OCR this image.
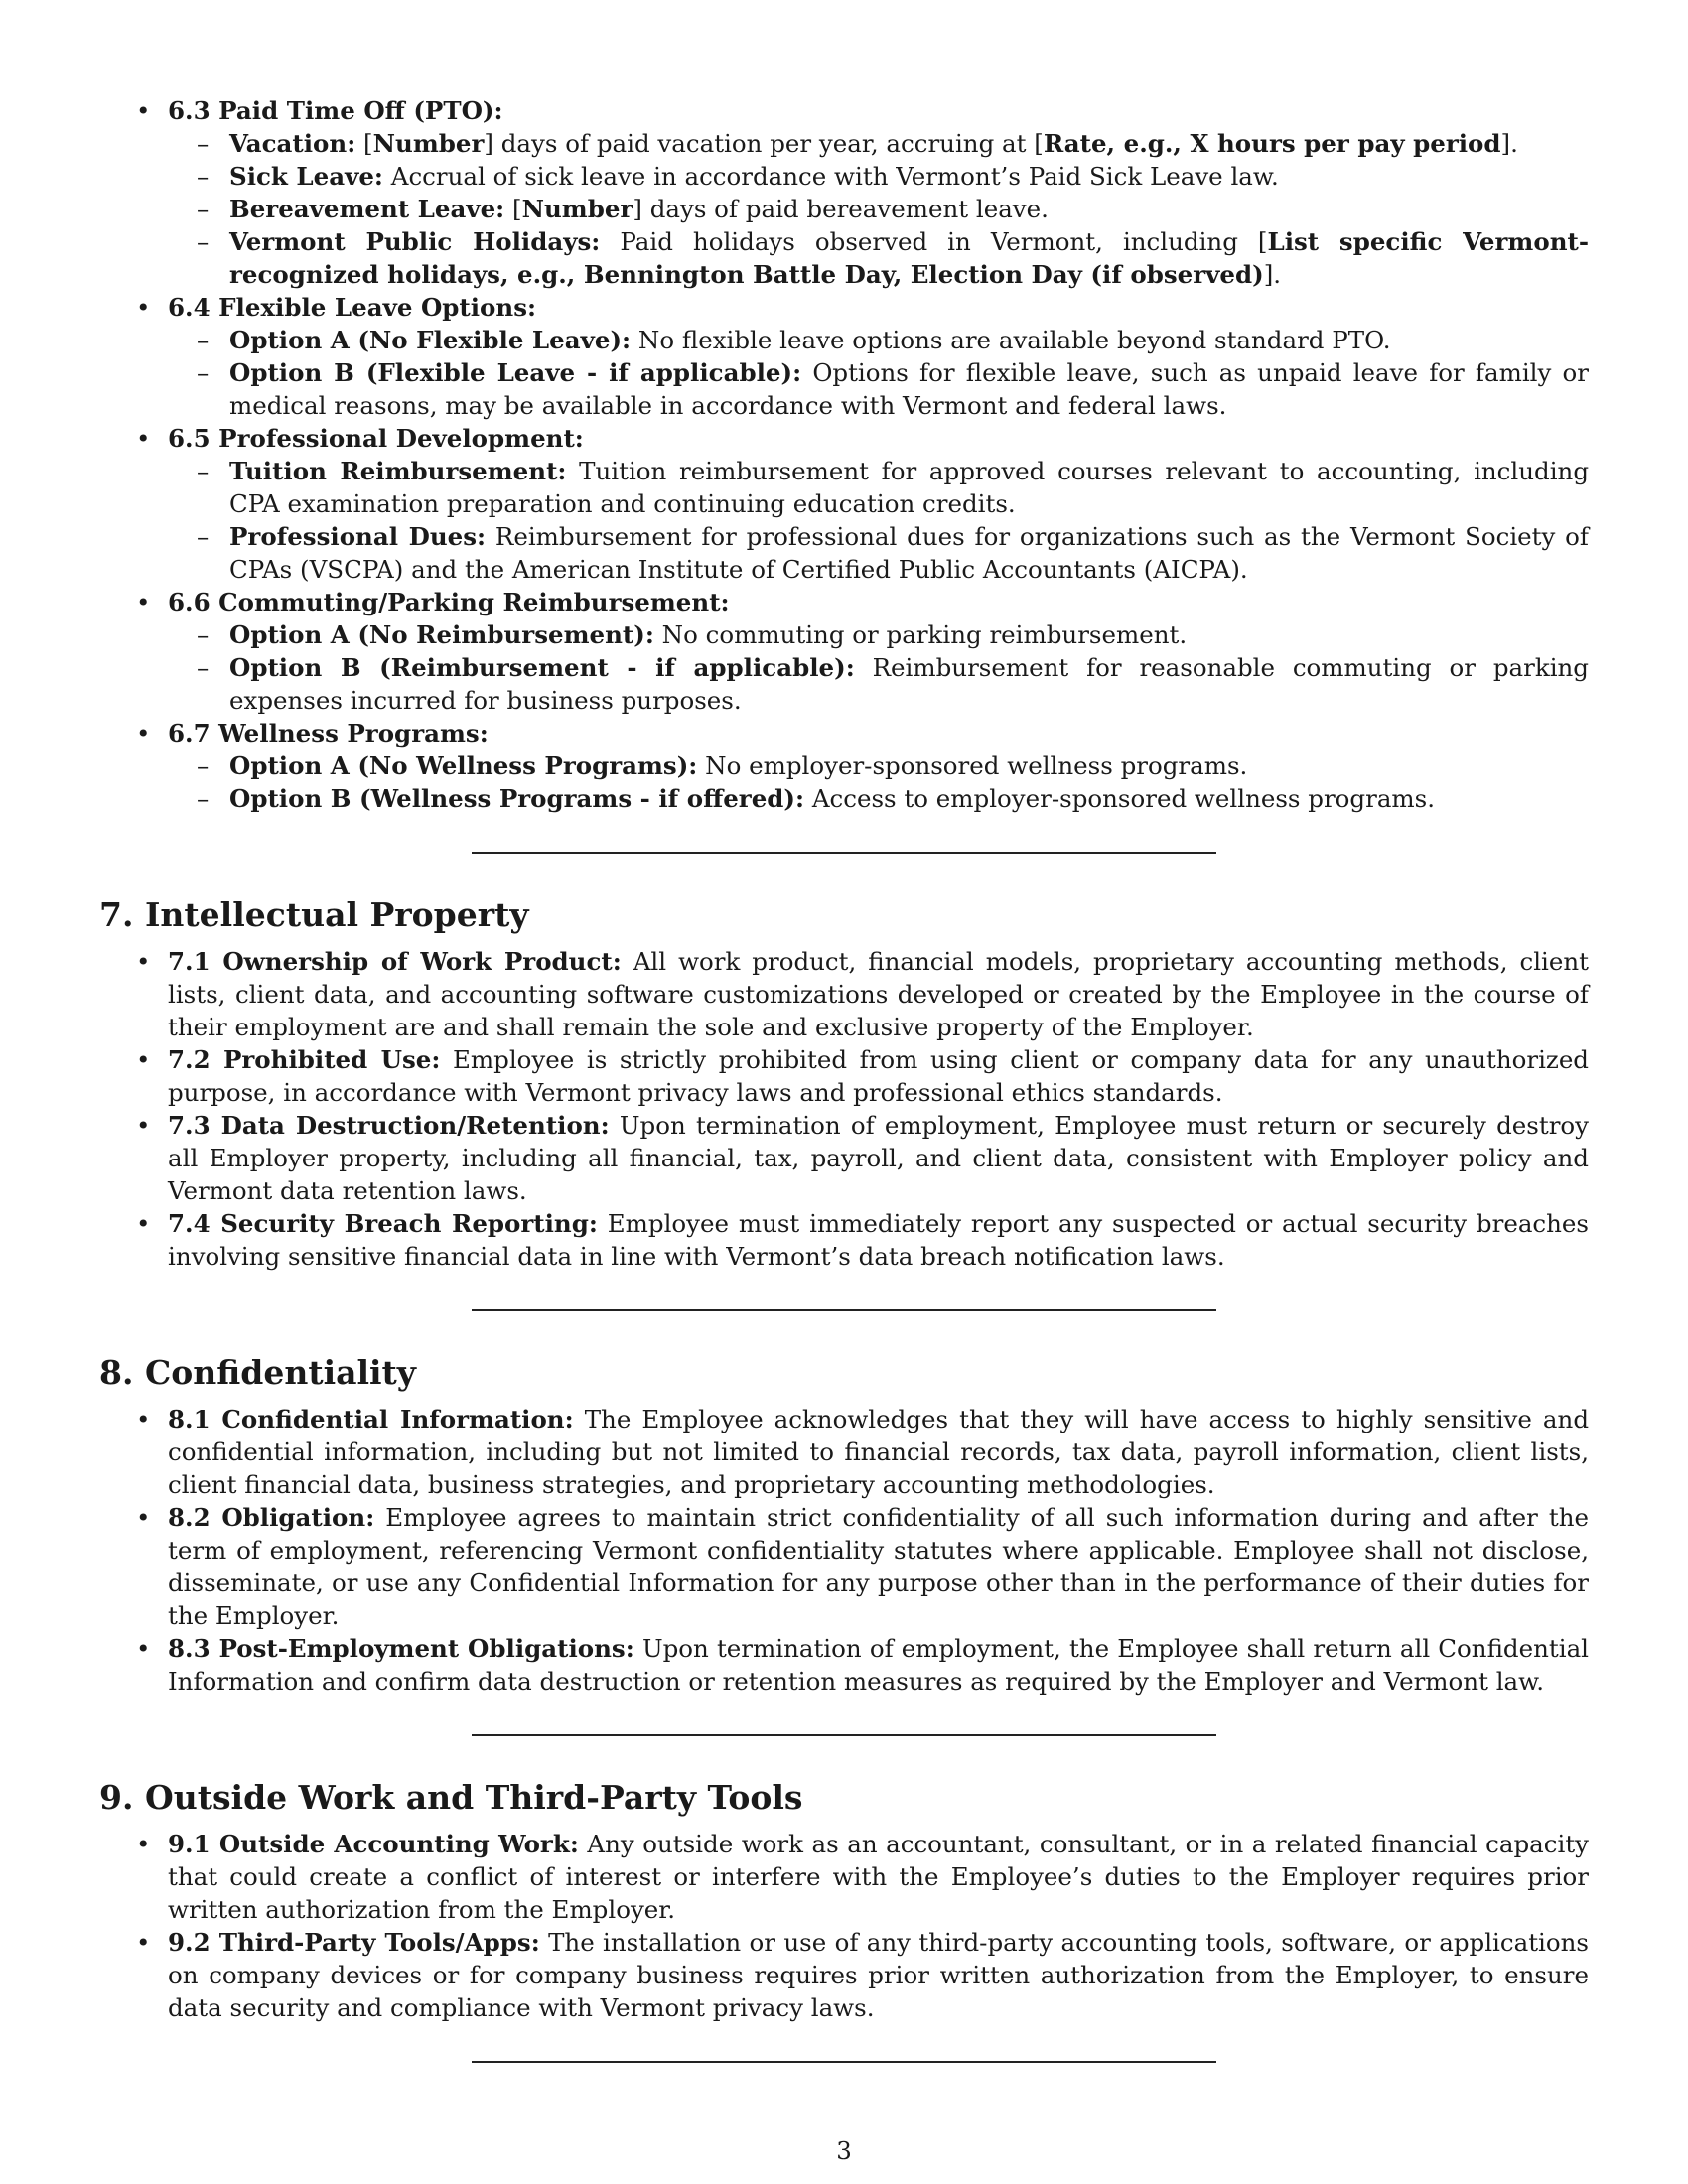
• 6.3 Paid Time Off (PTO):
– Vacation: [Number] days of paid vacation per year, accruing at [Rate, e.g., X hours per pay period].
– Sick Leave: Accrual of sick leave in accordance with Vermont’s Paid Sick Leave law.
– Bereavement Leave: [Number] days of paid bereavement leave.
– Vermont Public Holidays: Paid holidays observed in Vermont, including [List specific Vermont-recognized holidays, e.g., Bennington Battle Day, Election Day (if observed)].
• 6.4 Flexible Leave Options:
– Option A (No Flexible Leave): No flexible leave options are available beyond standard PTO.
– Option B (Flexible Leave - if applicable): Options for flexible leave, such as unpaid leave for family or medical reasons, may be available in accordance with Vermont and federal laws.
• 6.5 Professional Development:
– Tuition Reimbursement: Tuition reimbursement for approved courses relevant to accounting, including CPA examination preparation and continuing education credits.
– Professional Dues: Reimbursement for professional dues for organizations such as the Vermont Society of CPAs (VSCPA) and the American Institute of Certified Public Accountants (AICPA).
• 6.6 Commuting/Parking Reimbursement:
– Option A (No Reimbursement): No commuting or parking reimbursement.
– Option B (Reimbursement - if applicable): Reimbursement for reasonable commuting or parking expenses incurred for business purposes.
• 6.7 Wellness Programs:
– Option A (No Wellness Programs): No employer-sponsored wellness programs.
– Option B (Wellness Programs - if offered): Access to employer-sponsored wellness programs.
7. Intellectual Property
• 7.1 Ownership of Work Product: All work product, financial models, proprietary accounting methods, client lists, client data, and accounting software customizations developed or created by the Employee in the course of their employment are and shall remain the sole and exclusive property of the Employer.
• 7.2 Prohibited Use: Employee is strictly prohibited from using client or company data for any unauthorized purpose, in accordance with Vermont privacy laws and professional ethics standards.
• 7.3 Data Destruction/Retention: Upon termination of employment, Employee must return or securely destroy all Employer property, including all financial, tax, payroll, and client data, consistent with Employer policy and Vermont data retention laws.
• 7.4 Security Breach Reporting: Employee must immediately report any suspected or actual security breaches involving sensitive financial data in line with Vermont’s data breach notification laws.
8. Confidentiality
• 8.1 Confidential Information: The Employee acknowledges that they will have access to highly sensitive and confidential information, including but not limited to financial records, tax data, payroll information, client lists, client financial data, business strategies, and proprietary accounting methodologies.
• 8.2 Obligation: Employee agrees to maintain strict confidentiality of all such information during and after the term of employment, referencing Vermont confidentiality statutes where applicable. Employee shall not disclose, disseminate, or use any Confidential Information for any purpose other than in the performance of their duties for the Employer.
• 8.3 Post-Employment Obligations: Upon termination of employment, the Employee shall return all Confidential Information and confirm data destruction or retention measures as required by the Employer and Vermont law.
9. Outside Work and Third-Party Tools
• 9.1 Outside Accounting Work: Any outside work as an accountant, consultant, or in a related financial capacity that could create a conflict of interest or interfere with the Employee’s duties to the Employer requires prior written authorization from the Employer.
• 9.2 Third-Party Tools/Apps: The installation or use of any third-party accounting tools, software, or applications on company devices or for company business requires prior written authorization from the Employer, to ensure data security and compliance with Vermont privacy laws.
3
